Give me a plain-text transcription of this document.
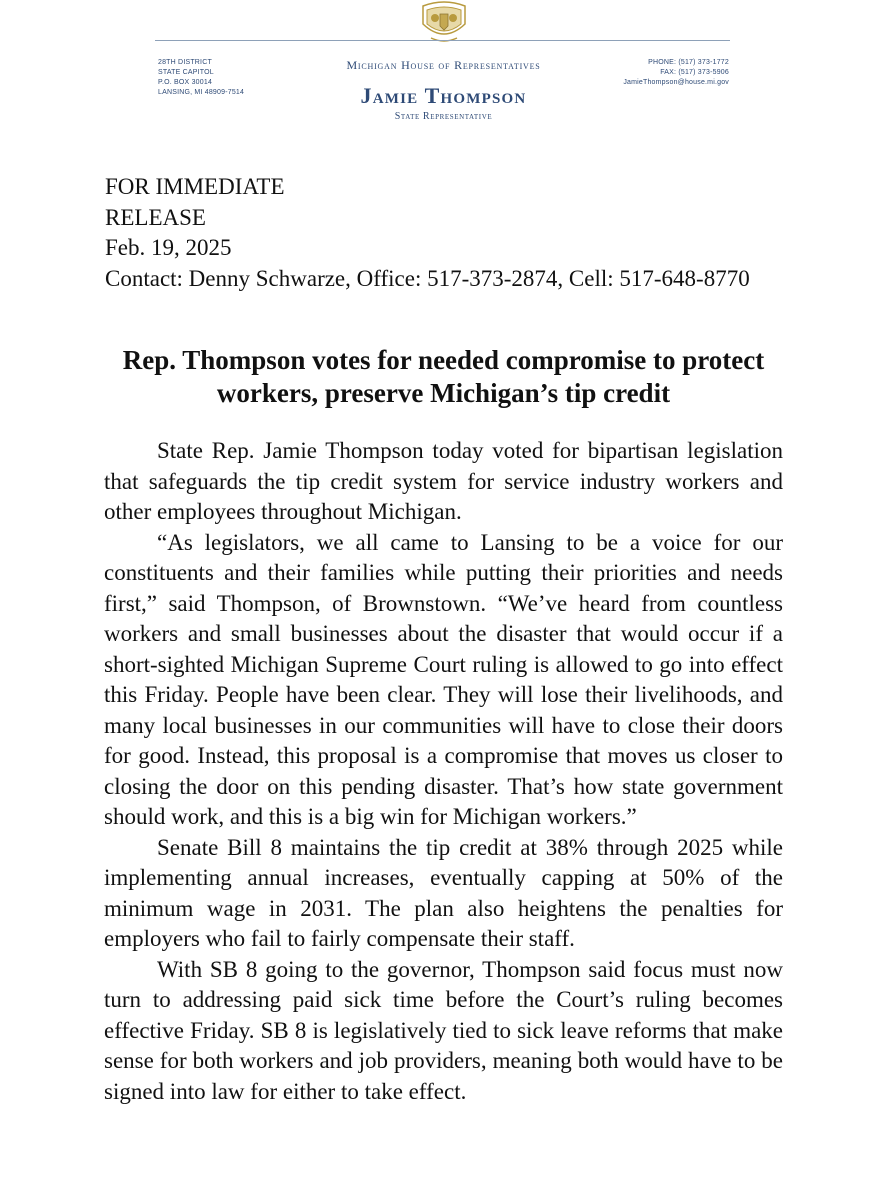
28TH DISTRICT
STATE CAPITOL
P.O. BOX 30014
LANSING, MI 48909-7514
Michigan House of Representatives
Jamie Thompson
State Representative
PHONE: (517) 373-1772
FAX: (517) 373-5906
JamieThompson@house.mi.gov
FOR IMMEDIATE
RELEASE
Feb. 19, 2025
Contact: Denny Schwarze, Office: 517-373-2874, Cell: 517-648-8770
Rep. Thompson votes for needed compromise to protect workers, preserve Michigan’s tip credit

State Rep. Jamie Thompson today voted for bipartisan legislation that safeguards the tip credit system for service industry workers and other employees throughout Michigan.

“As legislators, we all came to Lansing to be a voice for our constituents and their families while putting their priorities and needs first,” said Thompson, of Brownstown. “We’ve heard from countless workers and small businesses about the disaster that would occur if a short-sighted Michigan Supreme Court ruling is allowed to go into effect this Friday. People have been clear. They will lose their livelihoods, and many local businesses in our communities will have to close their doors for good. Instead, this proposal is a compromise that moves us closer to closing the door on this pending disaster. That’s how state government should work, and this is a big win for Michigan workers.”

Senate Bill 8 maintains the tip credit at 38% through 2025 while implementing annual increases, eventually capping at 50% of the minimum wage in 2031. The plan also heightens the penalties for employers who fail to fairly compensate their staff.

With SB 8 going to the governor, Thompson said focus must now turn to addressing paid sick time before the Court’s ruling becomes effective Friday. SB 8 is legislatively tied to sick leave reforms that make sense for both workers and job providers, meaning both would have to be signed into law for either to take effect.
